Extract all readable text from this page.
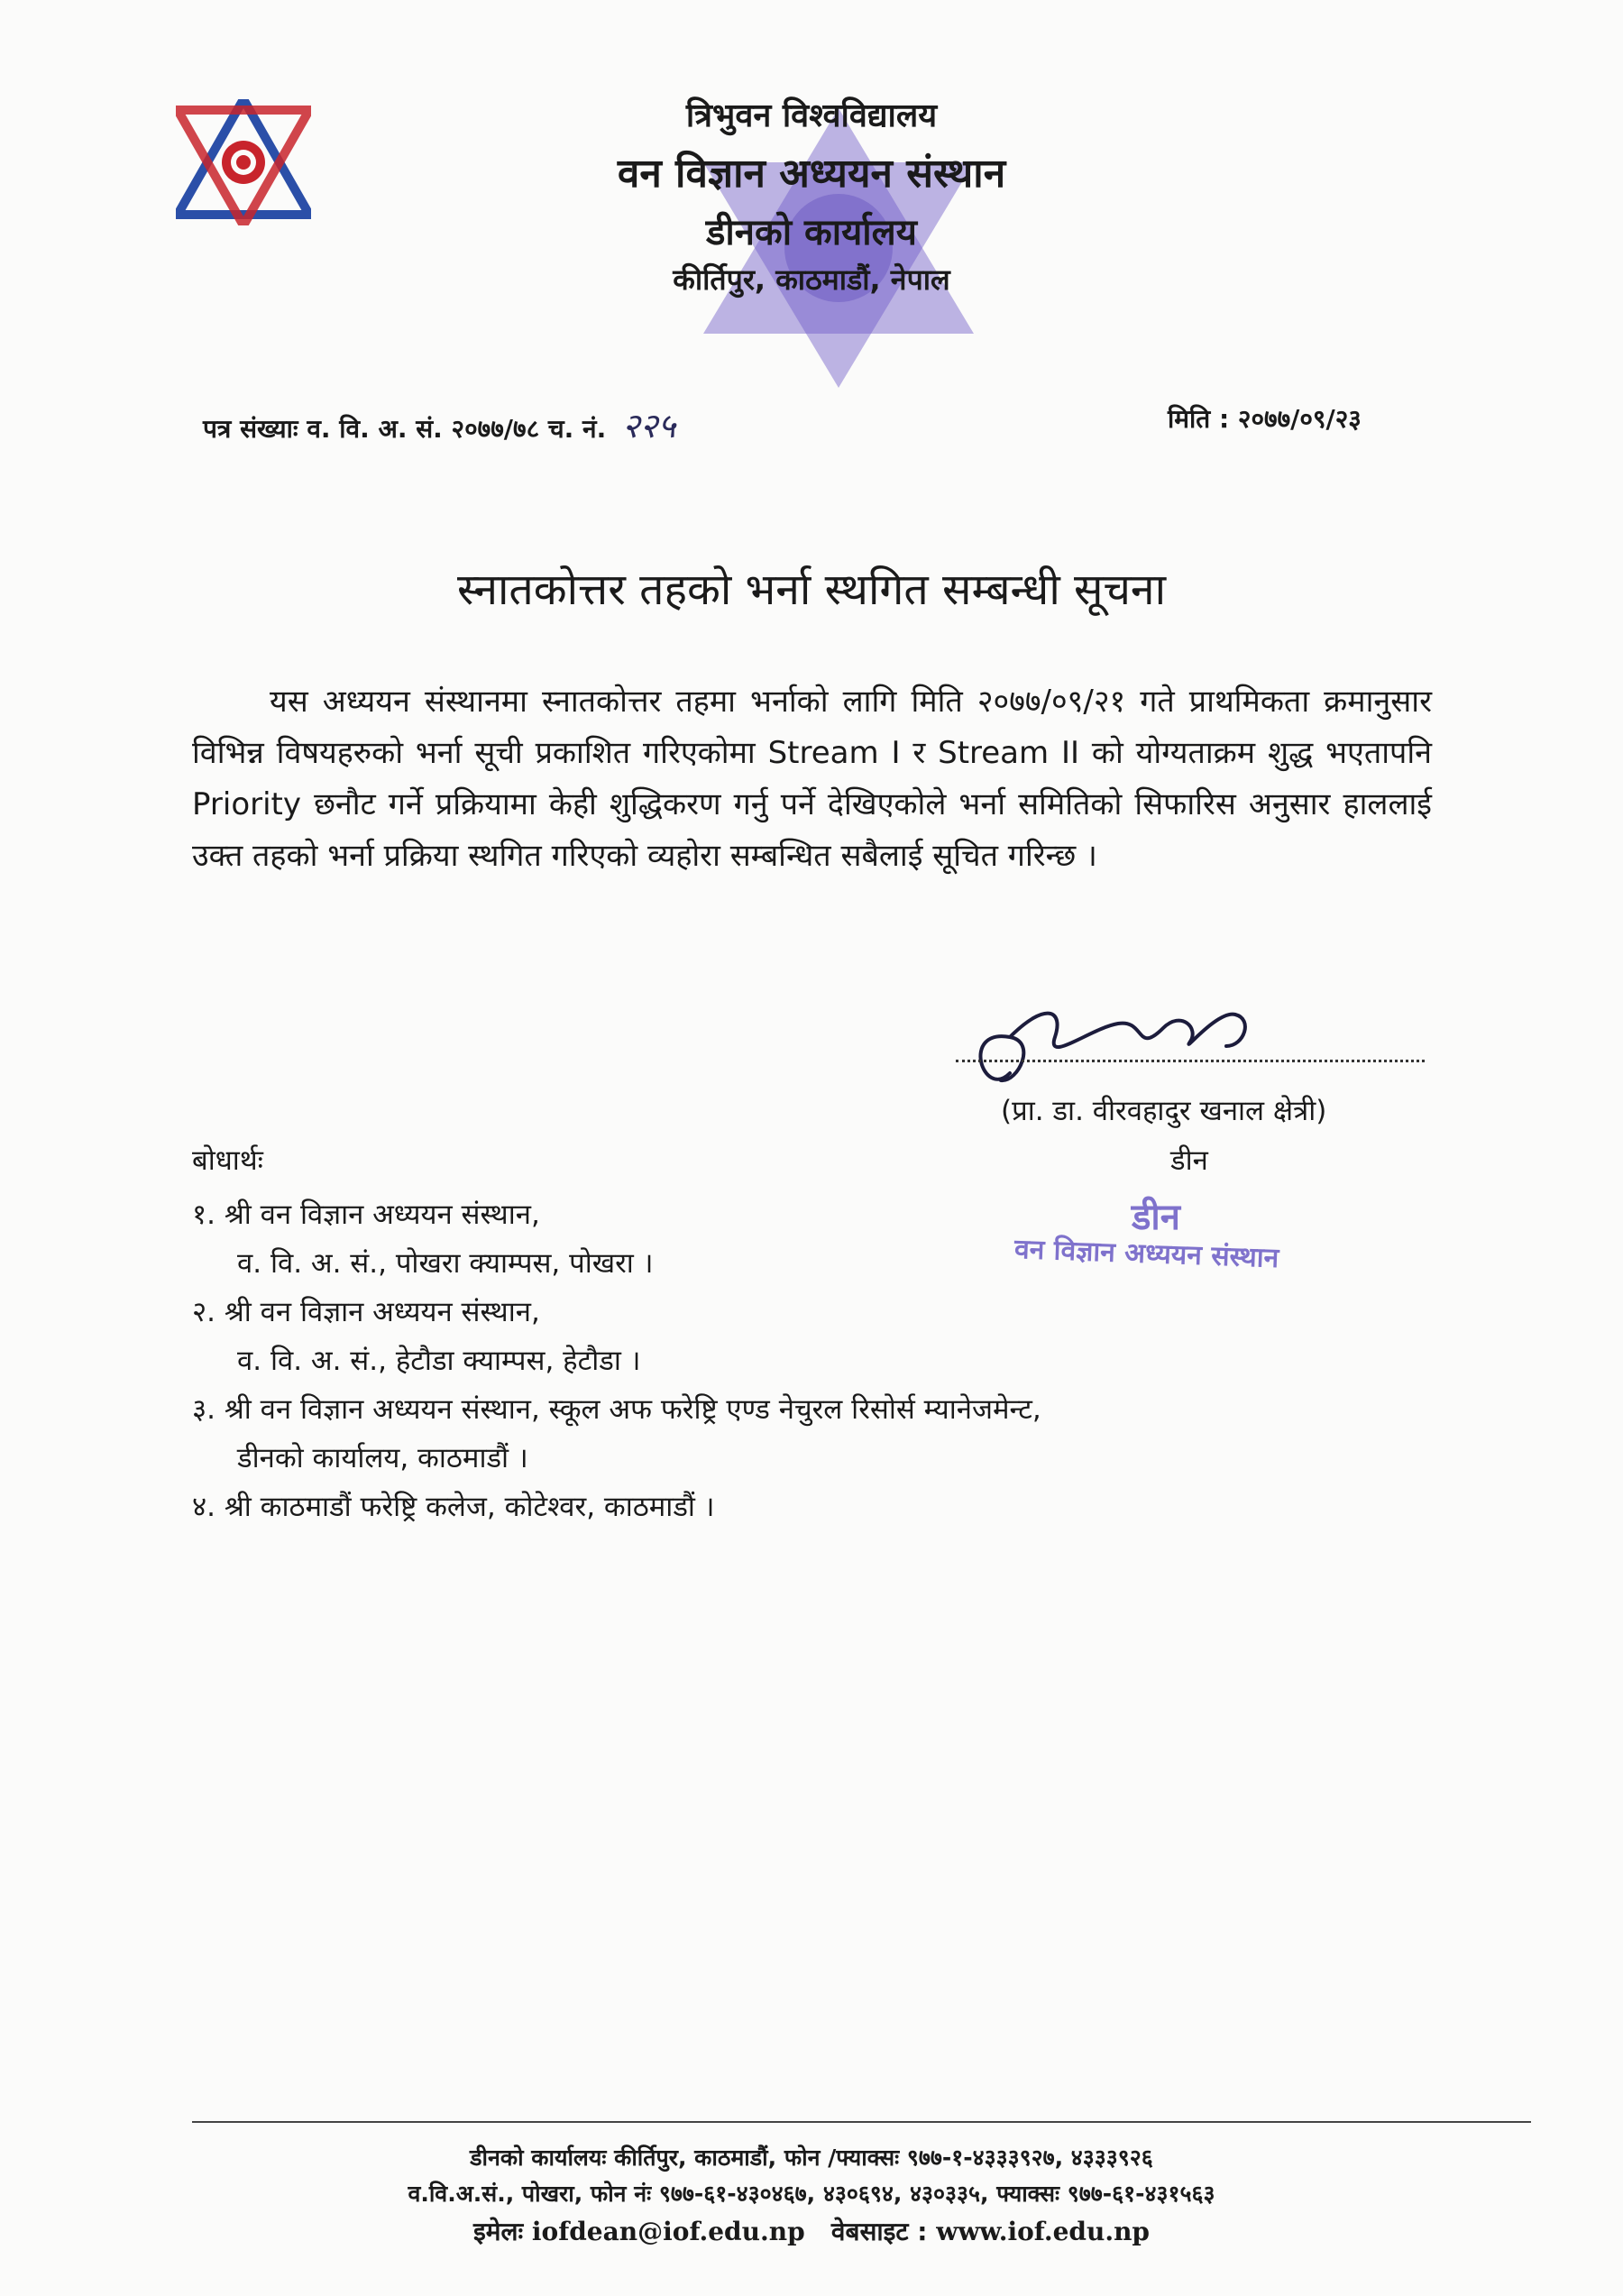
त्रिभुवन विश्वविद्यालय
वन विज्ञान अध्ययन संस्थान
डीनको कार्यालय
कीर्तिपुर, काठमाडौं, नेपाल
पत्र संख्याः व. वि. अ. सं. २०७७/७८ च. नं. २२५	मिति : २०७७/०९/२३
स्नातकोत्तर तहको भर्ना स्थगित सम्बन्धी सूचना

यस अध्ययन संस्थानमा स्नातकोत्तर तहमा भर्नाको लागि मिति २०७७/०९/२१ गते प्राथमिकता क्रमानुसार विभिन्न विषयहरुको भर्ना सूची प्रकाशित गरिएकोमा Stream I र Stream II को योग्यताक्रम शुद्ध भएतापनि Priority छनौट गर्ने प्रक्रियामा केही शुद्धिकरण गर्नु पर्ने देखिएकोले भर्ना समितिको सिफारिस अनुसार हाललाई उक्त तहको भर्ना प्रक्रिया स्थगित गरिएको व्यहोरा सम्बन्धित सबैलाई सूचित गरिन्छ ।

(प्रा. डा. वीरवहादुर खनाल क्षेत्री)
डीन
डीन
वन विज्ञान अध्ययन संस्थान
बोधार्थः
१. श्री वन विज्ञान अध्ययन संस्थान,
व. वि. अ. सं., पोखरा क्याम्पस, पोखरा ।
२. श्री वन विज्ञान अध्ययन संस्थान,
व. वि. अ. सं., हेटौडा क्याम्पस, हेटौडा ।
३. श्री वन विज्ञान अध्ययन संस्थान, स्कूल अफ फरेष्ट्रि एण्ड नेचुरल रिसोर्स म्यानेजमेन्ट,
डीनको कार्यालय, काठमाडौं ।
४. श्री काठमाडौं फरेष्ट्रि कलेज, कोटेश्वर, काठमाडौं ।
डीनको कार्यालयः कीर्तिपुर, काठमाडौं, फोन /फ्याक्सः ९७७-१-४३३३९२७, ४३३३९२६
व.वि.अ.सं., पोखरा, फोन नंः ९७७-६१-४३०४६७, ४३०६९४, ४३०३३५, फ्याक्सः ९७७-६१-४३१५६३
इमेलः iofdean@iof.edu.np वेबसाइट : www.iof.edu.np
